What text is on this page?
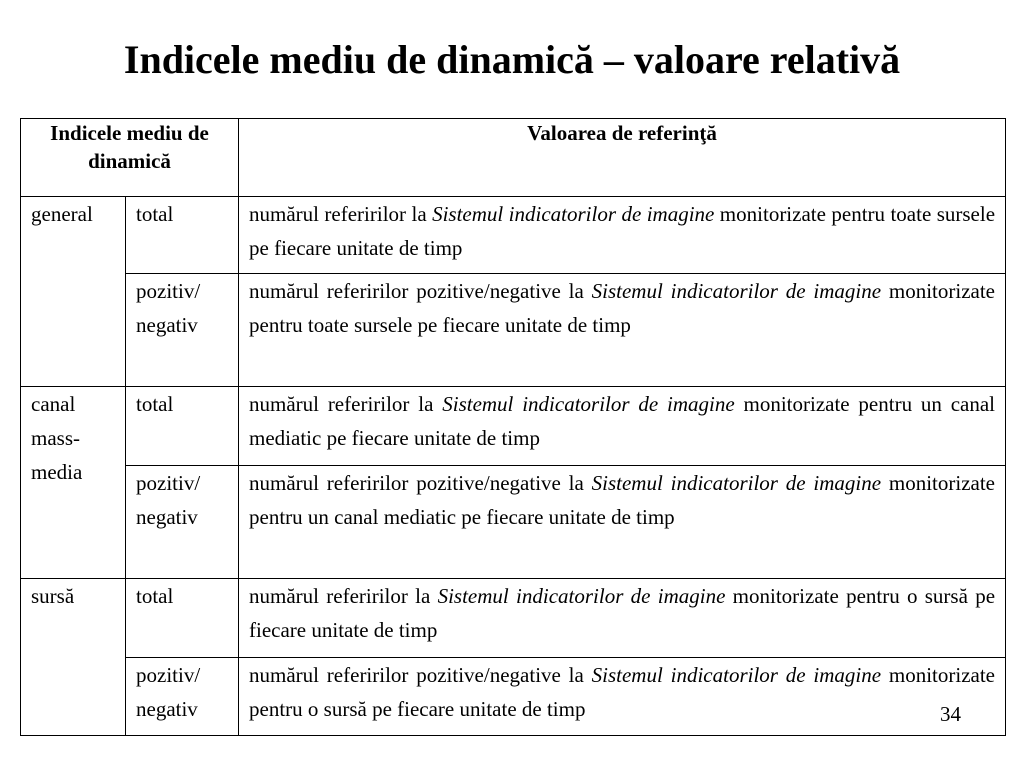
Indicele mediu de dinamică – valoare relativă
Indicele mediu de dinamică		Valoarea de referinţă
general	total	numărul referirilor la Sistemul indicatorilor de imagine monitorizate pentru toate sursele pe fiecare unitate de timp
	pozitiv/ negativ	numărul referirilor pozitive/negative la Sistemul indicatorilor de imagine monitorizate pentru toate sursele pe fiecare unitate de timp
canal mass-media	total	numărul referirilor la Sistemul indicatorilor de imagine monitorizate pentru un canal mediatic pe fiecare unitate de timp
	pozitiv/ negativ	numărul referirilor pozitive/negative la Sistemul indicatorilor de imagine monitorizate pentru un canal mediatic pe fiecare unitate de timp
sursă	total	numărul referirilor la Sistemul indicatorilor de imagine monitorizate pentru o sursă pe fiecare unitate de timp
	pozitiv/ negativ	numărul referirilor pozitive/negative la Sistemul indicatorilor de imagine monitorizate pentru o sursă pe fiecare unitate de timp	34
